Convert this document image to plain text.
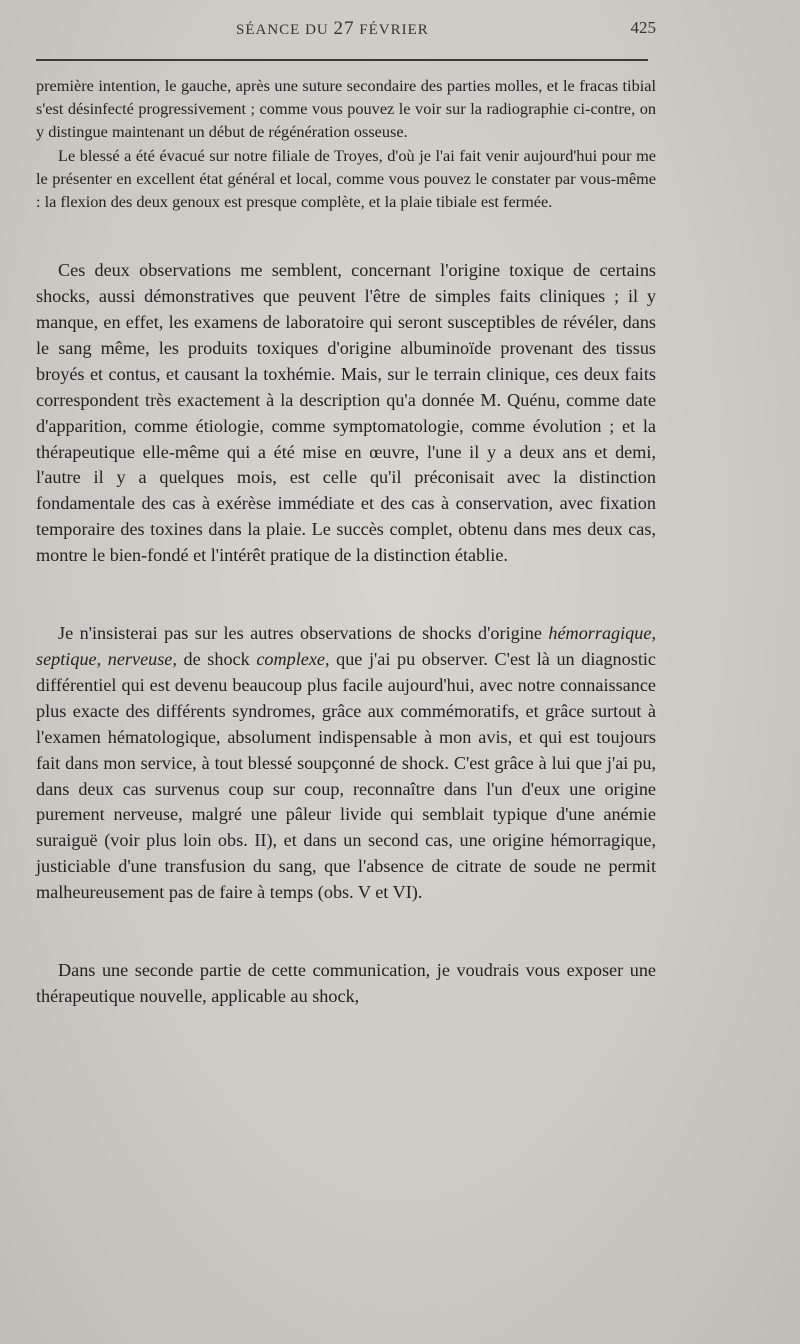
SÉANCE DU 27 FÉVRIER	425

première intention, le gauche, après une suture secondaire des parties molles, et le fracas tibial s'est désinfecté progressivement ; comme vous pouvez le voir sur la radiographie ci-contre, on y distingue maintenant un début de régénération osseuse.

Le blessé a été évacué sur notre filiale de Troyes, d'où je l'ai fait venir aujourd'hui pour me le présenter en excellent état général et local, comme vous pouvez le constater par vous-même : la flexion des deux genoux est presque complète, et la plaie tibiale est fermée.

Ces deux observations me semblent, concernant l'origine toxique de certains shocks, aussi démonstratives que peuvent l'être de simples faits cliniques ; il y manque, en effet, les examens de laboratoire qui seront susceptibles de révéler, dans le sang même, les produits toxiques d'origine albuminoïde provenant des tissus broyés et contus, et causant la toxhémie. Mais, sur le terrain clinique, ces deux faits correspondent très exactement à la description qu'a donnée M. Quénu, comme date d'apparition, comme étiologie, comme symptomatologie, comme évolution ; et la thérapeutique elle-même qui a été mise en œuvre, l'une il y a deux ans et demi, l'autre il y a quelques mois, est celle qu'il préconisait avec la distinction fondamentale des cas à exérèse immédiate et des cas à conservation, avec fixation temporaire des toxines dans la plaie. Le succès complet, obtenu dans mes deux cas, montre le bien-fondé et l'intérêt pratique de la distinction établie.

Je n'insisterai pas sur les autres observations de shocks d'origine hémorragique, septique, nerveuse, de shock complexe, que j'ai pu observer. C'est là un diagnostic différentiel qui est devenu beaucoup plus facile aujourd'hui, avec notre connaissance plus exacte des différents syndromes, grâce aux commémoratifs, et grâce surtout à l'examen hématologique, absolument indispensable à mon avis, et qui est toujours fait dans mon service, à tout blessé soupçonné de shock. C'est grâce à lui que j'ai pu, dans deux cas survenus coup sur coup, reconnaître dans l'un d'eux une origine purement nerveuse, malgré une pâleur livide qui semblait typique d'une anémie suraiguë (voir plus loin obs. II), et dans un second cas, une origine hémorragique, justiciable d'une transfusion du sang, que l'absence de citrate de soude ne permit malheureusement pas de faire à temps (obs. V et VI).

Dans une seconde partie de cette communication, je voudrais vous exposer une thérapeutique nouvelle, applicable au shock,
